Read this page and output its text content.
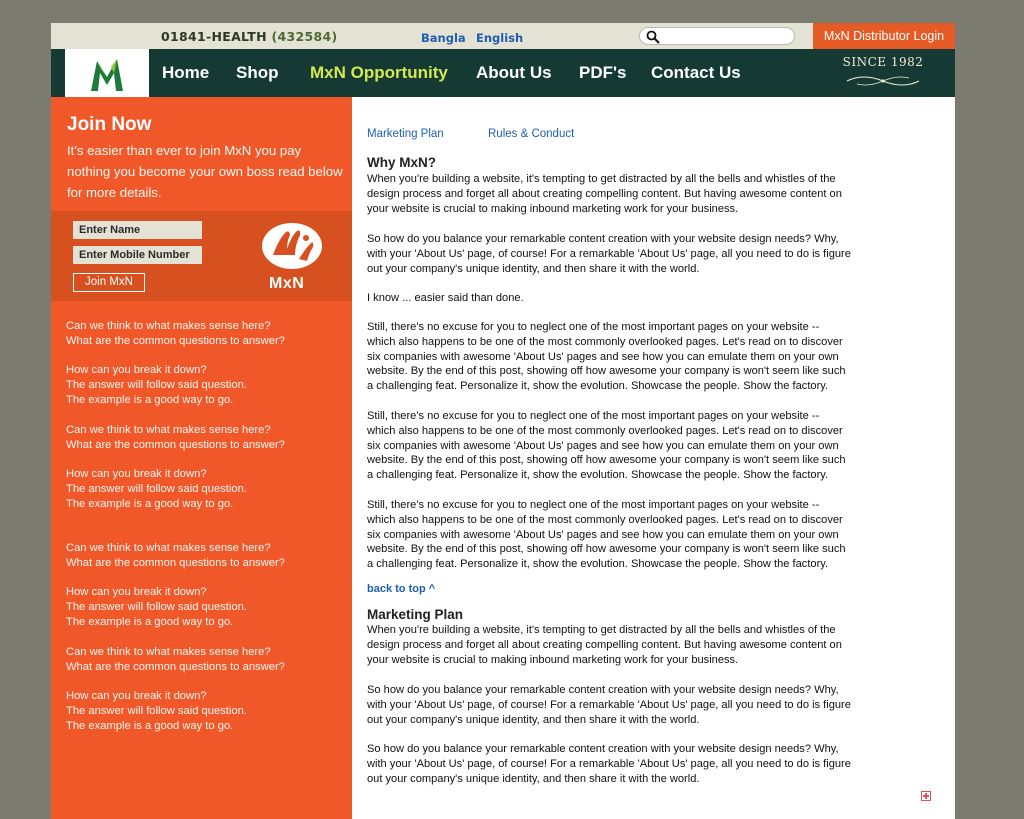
01841-HEALTH (432584)	Bangla English	MxN Distributor Login
Home Shop MxN Opportunity About Us PDF's Contact Us
SINCE 1982
Join Now
It's easier than ever to join MxN you pay nothing you become your own boss read below for more details.
Enter Name
Enter Mobile Number
Join MxN	MxN

Can we think to what makes sense here?

What are the common questions to answer?

How can you break it down?

The answer will follow said question.

The example is a good way to go.

Can we think to what makes sense here?

What are the common questions to answer?

How can you break it down?

The answer will follow said question.

The example is a good way to go.

Can we think to what makes sense here?

What are the common questions to answer?

How can you break it down?

The answer will follow said question.

The example is a good way to go.

Can we think to what makes sense here?

What are the common questions to answer?

How can you break it down?

The answer will follow said question.

The example is a good way to go.

Marketing Plan	Rules & Conduct
Why MxN?
When you're building a website, it's tempting to get distracted by all the bells and whistles of the
design process and forget all about creating compelling content. But having awesome content on
your website is crucial to making inbound marketing work for your business.
So how do you balance your remarkable content creation with your website design needs? Why,
with your 'About Us' page, of course! For a remarkable 'About Us' page, all you need to do is figure
out your company's unique identity, and then share it with the world.
I know ... easier said than done.
Still, there's no excuse for you to neglect one of the most important pages on your website --
which also happens to be one of the most commonly overlooked pages. Let's read on to discover
six companies with awesome 'About Us' pages and see how you can emulate them on your own
website. By the end of this post, showing off how awesome your company is won't seem like such
a challenging feat. Personalize it, show the evolution. Showcase the people. Show the factory.
Still, there's no excuse for you to neglect one of the most important pages on your website --
which also happens to be one of the most commonly overlooked pages. Let's read on to discover
six companies with awesome 'About Us' pages and see how you can emulate them on your own
website. By the end of this post, showing off how awesome your company is won't seem like such
a challenging feat. Personalize it, show the evolution. Showcase the people. Show the factory.
Still, there's no excuse for you to neglect one of the most important pages on your website --
which also happens to be one of the most commonly overlooked pages. Let's read on to discover
six companies with awesome 'About Us' pages and see how you can emulate them on your own
website. By the end of this post, showing off how awesome your company is won't seem like such
a challenging feat. Personalize it, show the evolution. Showcase the people. Show the factory.
back to top ^
Marketing Plan
When you're building a website, it's tempting to get distracted by all the bells and whistles of the
design process and forget all about creating compelling content. But having awesome content on
your website is crucial to making inbound marketing work for your business.
So how do you balance your remarkable content creation with your website design needs? Why,
with your 'About Us' page, of course! For a remarkable 'About Us' page, all you need to do is figure
out your company's unique identity, and then share it with the world.
So how do you balance your remarkable content creation with your website design needs? Why,
with your 'About Us' page, of course! For a remarkable 'About Us' page, all you need to do is figure
out your company's unique identity, and then share it with the world.
